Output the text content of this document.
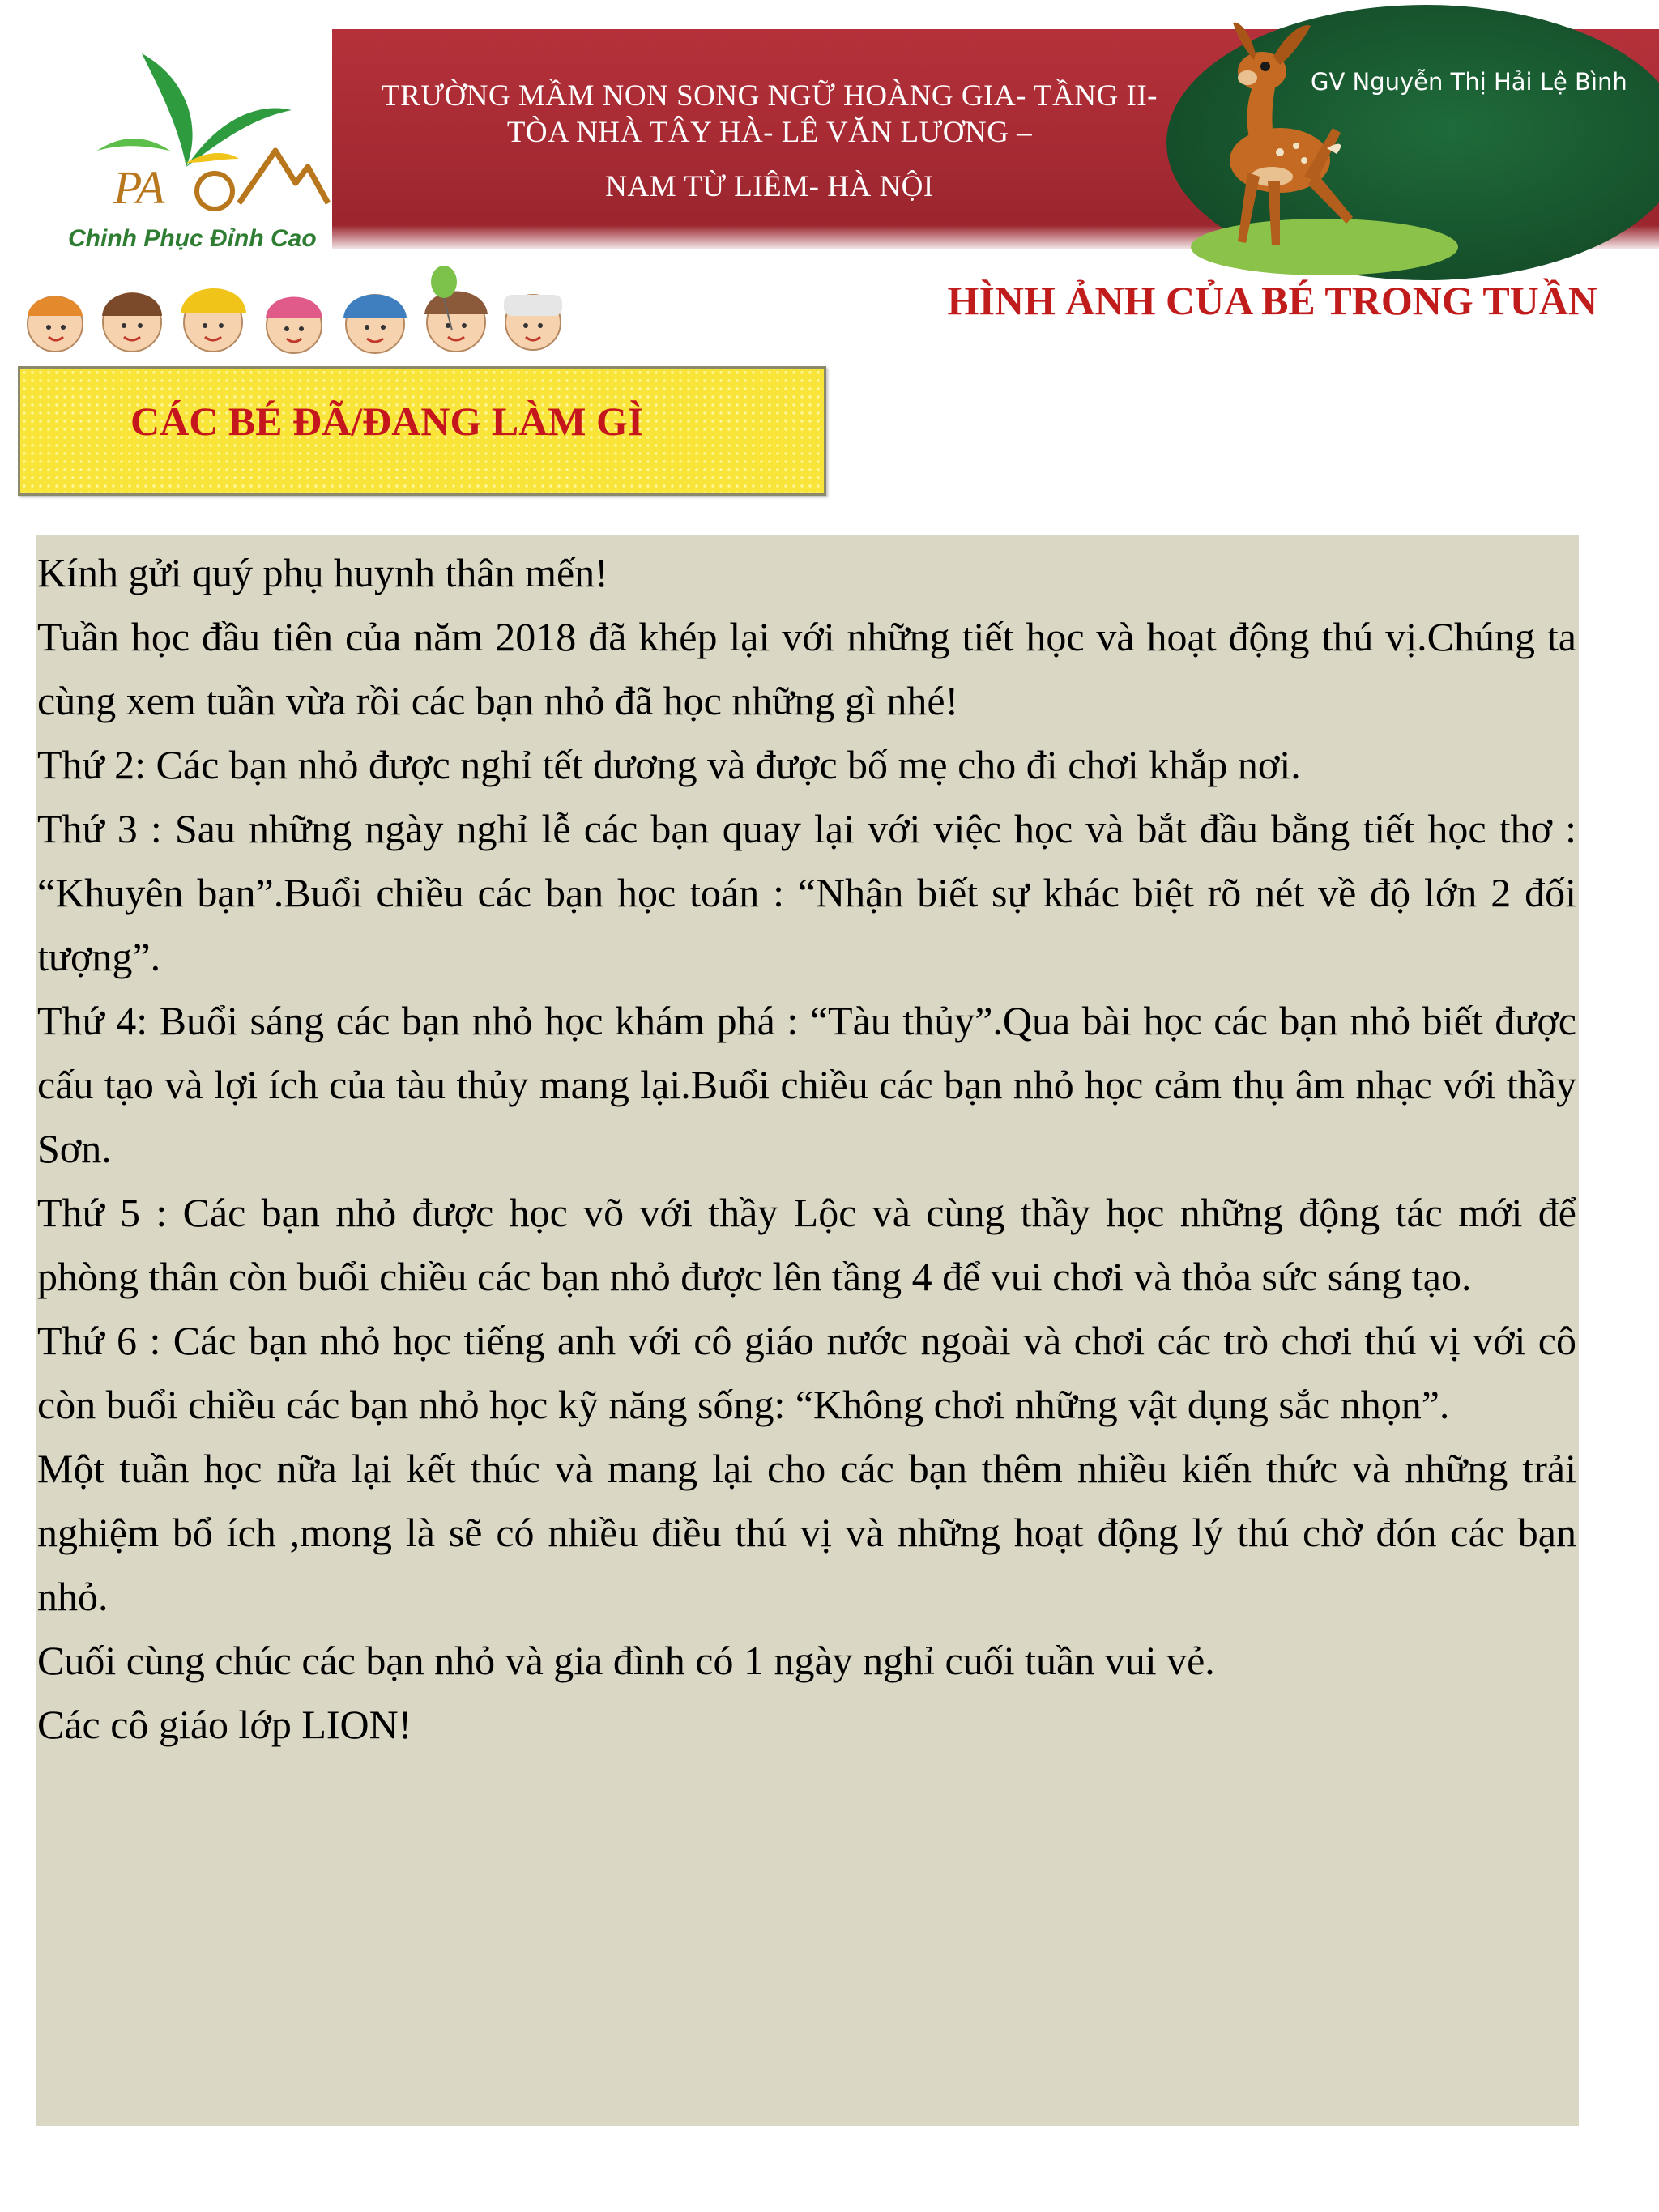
PA
Chinh Phục Đỉnh Cao
TRƯỜNG MẦM NON SONG NGỮ HOÀNG GIA- TẦNG II-
TÒA NHÀ TÂY HÀ- LÊ VĂN LƯƠNG –
NAM TỪ LIÊM- HÀ NỘI
GV Nguyễn Thị Hải Lệ Bình
HÌNH ẢNH CỦA BÉ TRONG TUẦN
CÁC BÉ ĐÃ/ĐANG LÀM GÌ

Kính gửi quý phụ huynh thân mến!

Tuần học đầu tiên của năm 2018 đã khép lại với những tiết học và hoạt động thú vị.Chúng ta cùng xem tuần vừa rồi các bạn nhỏ đã học những gì nhé!

Thứ 2: Các bạn nhỏ được nghỉ tết dương và được bố mẹ cho đi chơi khắp nơi.

Thứ 3 : Sau những ngày nghỉ lễ các bạn quay lại với việc học và bắt đầu bằng tiết học thơ : “Khuyên bạn”.Buổi chiều các bạn học toán : “Nhận biết sự khác biệt rõ nét về độ lớn 2 đối tượng”.

Thứ 4: Buổi sáng các bạn nhỏ học khám phá : “Tàu thủy”.Qua bài học các bạn nhỏ biết được cấu tạo và lợi ích của tàu thủy mang lại.Buổi chiều các bạn nhỏ học cảm thụ âm nhạc với thầy Sơn.

Thứ 5 : Các bạn nhỏ được học võ với thầy Lộc và cùng thầy học những động tác mới để phòng thân còn buổi chiều các bạn nhỏ được lên tầng 4 để vui chơi và thỏa sức sáng tạo.

Thứ 6 : Các bạn nhỏ học tiếng anh với cô giáo nước ngoài và chơi các trò chơi thú vị với cô còn buổi chiều các bạn nhỏ học kỹ năng sống: “Không chơi những vật dụng sắc nhọn”.

Một tuần học nữa lại kết thúc và mang lại cho các bạn thêm nhiều kiến thức và những trải nghiệm bổ ích ,mong là sẽ có nhiều điều thú vị và những hoạt động lý thú chờ đón các bạn nhỏ.

Cuối cùng chúc các bạn nhỏ và gia đình có 1 ngày nghỉ cuối tuần vui vẻ.

Các cô giáo lớp LION!
